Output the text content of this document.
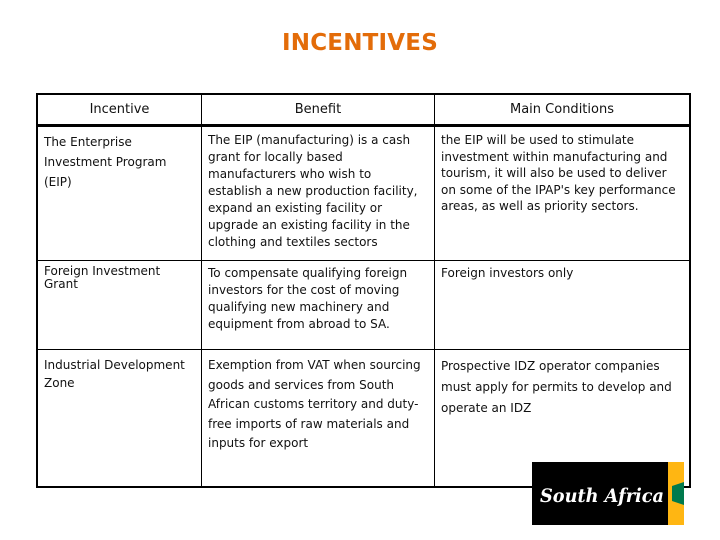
INCENTIVES
Incentive	Benefit	Main Conditions
The Enterprise Investment Program (EIP)	The EIP (manufacturing) is a cash grant for locally based manufacturers who wish to establish a new production facility, expand an existing facility or upgrade an existing facility in the clothing and textiles sectors	the EIP will be used to stimulate investment within manufacturing and tourism, it will also be used to deliver on some of the IPAP's key performance areas, as well as priority sectors.
Foreign Investment Grant	To compensate qualifying foreign investors for the cost of moving qualifying new machinery and equipment from abroad to SA.	Foreign investors only
Industrial Development Zone	Exemption from VAT when sourcing goods and services from South African customs territory and duty-free imports of raw materials and inputs for export	Prospective IDZ operator companies must apply for permits to develop and operate an IDZ
South Africa
